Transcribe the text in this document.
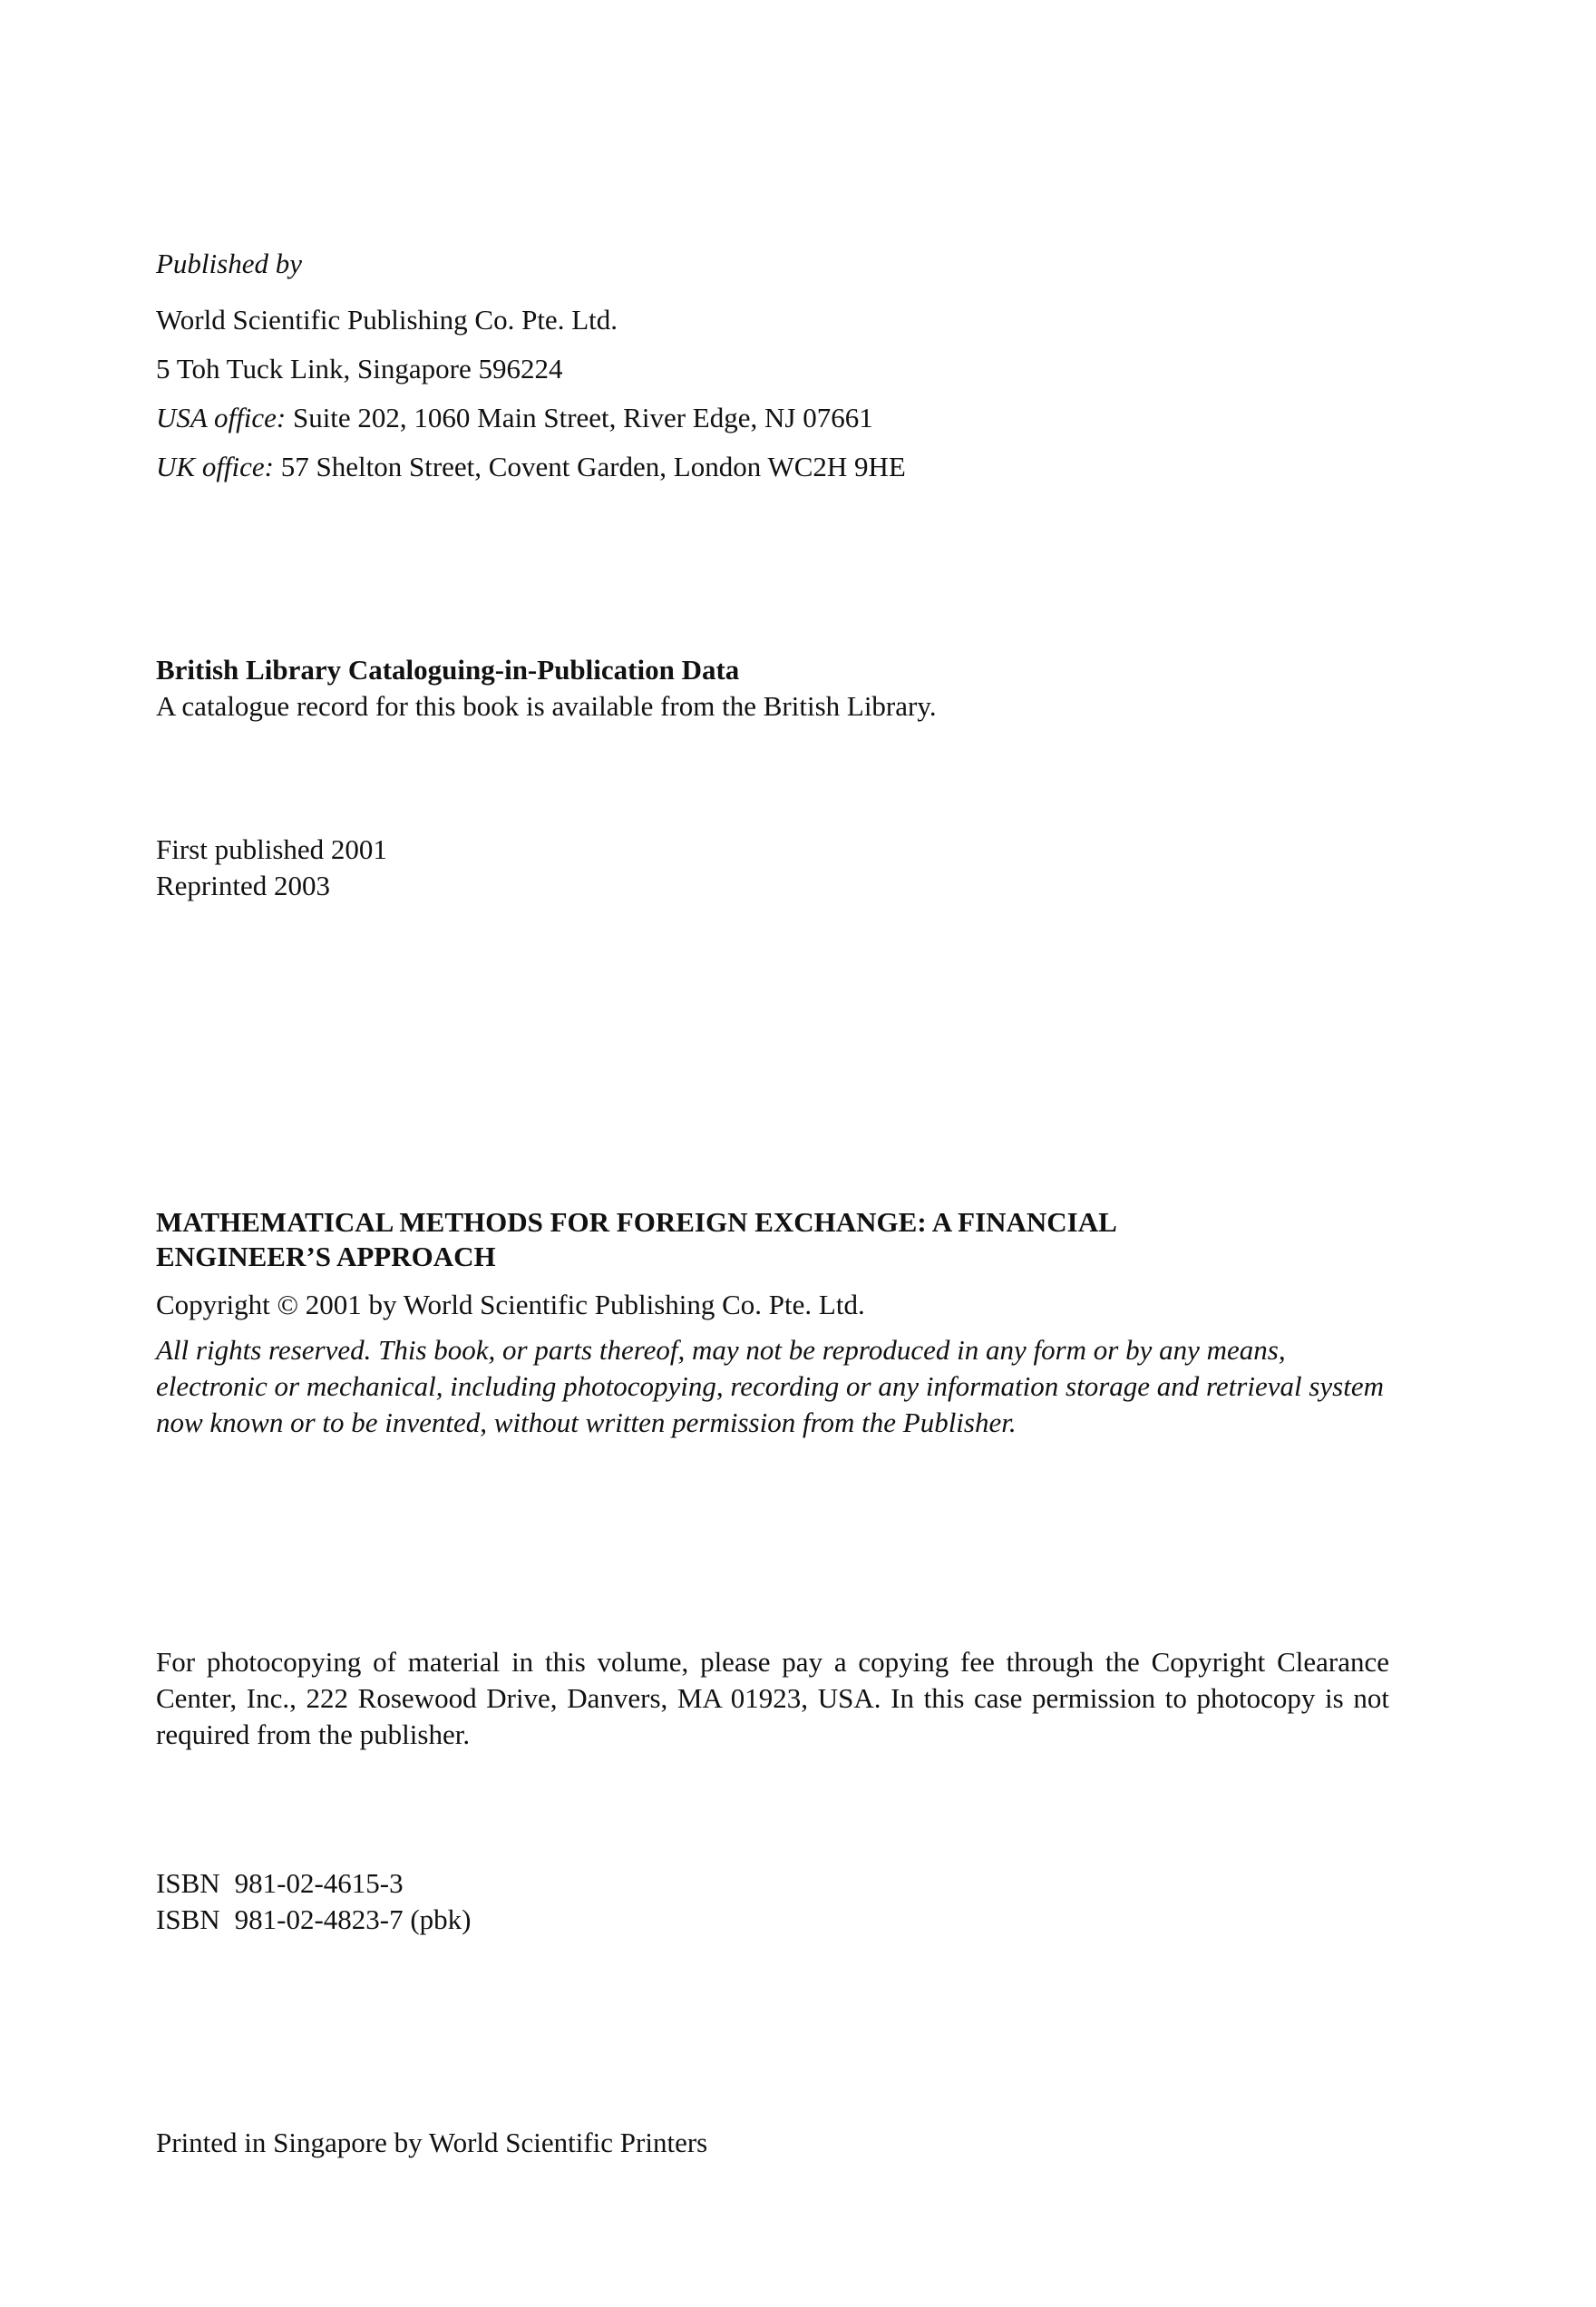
Published by
World Scientific Publishing Co. Pte. Ltd.
5 Toh Tuck Link, Singapore 596224
USA office: Suite 202, 1060 Main Street, River Edge, NJ 07661
UK office: 57 Shelton Street, Covent Garden, London WC2H 9HE
British Library Cataloguing-in-Publication Data
A catalogue record for this book is available from the British Library.
First published 2001
Reprinted 2003
MATHEMATICAL METHODS FOR FOREIGN EXCHANGE: A FINANCIAL
ENGINEER’S APPROACH
Copyright © 2001 by World Scientific Publishing Co. Pte. Ltd.
All rights reserved. This book, or parts thereof, may not be reproduced in any form or by any means, electronic or mechanical, including photocopying, recording or any information storage and retrieval system now known or to be invented, without written permission from the Publisher.
For photocopying of material in this volume, please pay a copying fee through the Copyright Clearance Center, Inc., 222 Rosewood Drive, Danvers, MA 01923, USA. In this case permission to photocopy is not required from the publisher.
ISBN 981-02-4615-3
ISBN 981-02-4823-7 (pbk)
Printed in Singapore by World Scientific Printers
